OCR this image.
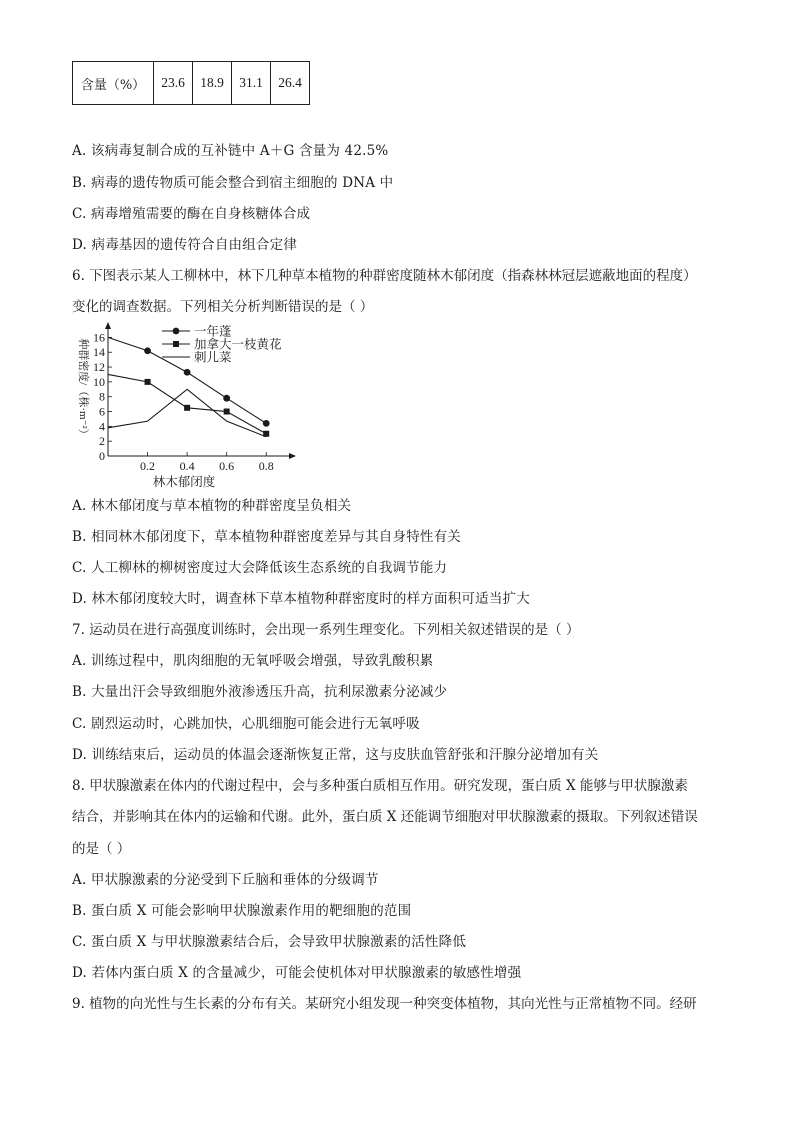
含量（%）	23.6	18.9	31.1	26.4
A. 该病毒复制合成的互补链中 A＋G 含量为 42.5%
B. 病毒的遗传物质可能会整合到宿主细胞的 DNA 中
C. 病毒增殖需要的酶在自身核糖体合成
D. 病毒基因的遗传符合自由组合定律
6. 下图表示某人工柳林中，林下几种草本植物的种群密度随林木郁闭度（指森林林冠层遮蔽地面的程度）
变化的调查数据。下列相关分析判断错误的是（ ）
0
2
4
6
8
10
12
14
16
0.2 0.4 0.6 0.8
林木郁闭度
种群密度/（株·m⁻²）
一年蓬
加拿大一枝黄花
刺儿菜
A. 林木郁闭度与草本植物的种群密度呈负相关
B. 相同林木郁闭度下，草本植物种群密度差异与其自身特性有关
C. 人工柳林的柳树密度过大会降低该生态系统的自我调节能力
D. 林木郁闭度较大时，调查林下草本植物种群密度时的样方面积可适当扩大
7. 运动员在进行高强度训练时，会出现一系列生理变化。下列相关叙述错误的是（ ）
A. 训练过程中，肌肉细胞的无氧呼吸会增强，导致乳酸积累
B. 大量出汗会导致细胞外液渗透压升高，抗利尿激素分泌减少
C. 剧烈运动时，心跳加快，心肌细胞可能会进行无氧呼吸
D. 训练结束后，运动员的体温会逐渐恢复正常，这与皮肤血管舒张和汗腺分泌增加有关
8. 甲状腺激素在体内的代谢过程中，会与多种蛋白质相互作用。研究发现，蛋白质 X 能够与甲状腺激素
结合，并影响其在体内的运输和代谢。此外，蛋白质 X 还能调节细胞对甲状腺激素的摄取。下列叙述错误
的是（ ）
A. 甲状腺激素的分泌受到下丘脑和垂体的分级调节
B. 蛋白质 X 可能会影响甲状腺激素作用的靶细胞的范围
C. 蛋白质 X 与甲状腺激素结合后，会导致甲状腺激素的活性降低
D. 若体内蛋白质 X 的含量减少，可能会使机体对甲状腺激素的敏感性增强
9. 植物的向光性与生长素的分布有关。某研究小组发现一种突变体植物，其向光性与正常植物不同。经研
